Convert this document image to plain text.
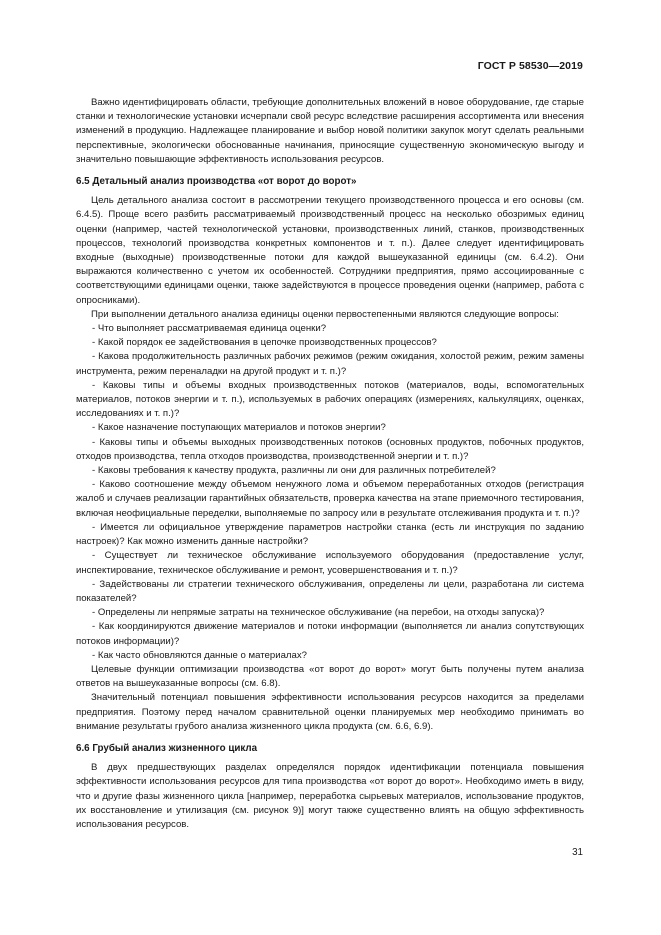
ГОСТ Р 58530—2019

Важно идентифицировать области, требующие дополнительных вложений в новое оборудование, где старые станки и технологические установки исчерпали свой ресурс вследствие расширения ассортимента или внесения изменений в продукцию. Надлежащее планирование и выбор новой политики закупок могут сделать реальными перспективные, экологически обоснованные начинания, приносящие существенную экономическую выгоду и значительно повышающие эффективность использования ресурсов.

6.5 Детальный анализ производства «от ворот до ворот»

Цель детального анализа состоит в рассмотрении текущего производственного процесса и его основы (см. 6.4.5). Проще всего разбить рассматриваемый производственный процесс на несколько обозримых единиц оценки (например, частей технологической установки, производственных линий, станков, производственных процессов, технологий производства конкретных компонентов и т. п.). Далее следует идентифицировать входные (выходные) производственные потоки для каждой вышеуказанной единицы (см. 6.4.2). Они выражаются количественно с учетом их особенностей. Сотрудники предприятия, прямо ассоциированные с соответствующими единицами оценки, также задействуются в процессе проведения оценки (например, работа с опросниками).

При выполнении детального анализа единицы оценки первостепенными являются следующие вопросы:

- Что выполняет рассматриваемая единица оценки?

- Какой порядок ее задействования в цепочке производственных процессов?

- Какова продолжительность различных рабочих режимов (режим ожидания, холостой режим, режим замены инструмента, режим переналадки на другой продукт и т. п.)?

- Каковы типы и объемы входных производственных потоков (материалов, воды, вспомогательных материалов, потоков энергии и т. п.), используемых в рабочих операциях (измерениях, калькуляциях, оценках, исследованиях и т. п.)?

- Какое назначение поступающих материалов и потоков энергии?

- Каковы типы и объемы выходных производственных потоков (основных продуктов, побочных продуктов, отходов производства, тепла отходов производства, производственной энергии и т. п.)?

- Каковы требования к качеству продукта, различны ли они для различных потребителей?

- Каково соотношение между объемом ненужного лома и объемом переработанных отходов (регистрация жалоб и случаев реализации гарантийных обязательств, проверка качества на этапе приемочного тестирования, включая неофициальные переделки, выполняемые по запросу или в результате отслеживания продукта и т. п.)?

- Имеется ли официальное утверждение параметров настройки станка (есть ли инструкция по заданию настроек)? Как можно изменить данные настройки?

- Существует ли техническое обслуживание используемого оборудования (предоставление услуг, инспектирование, техническое обслуживание и ремонт, усовершенствования и т. п.)?

- Задействованы ли стратегии технического обслуживания, определены ли цели, разработана ли система показателей?

- Определены ли непрямые затраты на техническое обслуживание (на перебои, на отходы запуска)?

- Как координируются движение материалов и потоки информации (выполняется ли анализ сопутствующих потоков информации)?

- Как часто обновляются данные о материалах?

Целевые функции оптимизации производства «от ворот до ворот» могут быть получены путем анализа ответов на вышеуказанные вопросы (см. 6.8).

Значительный потенциал повышения эффективности использования ресурсов находится за пределами предприятия. Поэтому перед началом сравнительной оценки планируемых мер необходимо принимать во внимание результаты грубого анализа жизненного цикла продукта (см. 6.6, 6.9).

6.6 Грубый анализ жизненного цикла

В двух предшествующих разделах определялся порядок идентификации потенциала повышения эффективности использования ресурсов для типа производства «от ворот до ворот». Необходимо иметь в виду, что и другие фазы жизненного цикла [например, переработка сырьевых материалов, использование продуктов, их восстановление и утилизация (см. рисунок 9)] могут также существенно влиять на общую эффективность использования ресурсов.

31
